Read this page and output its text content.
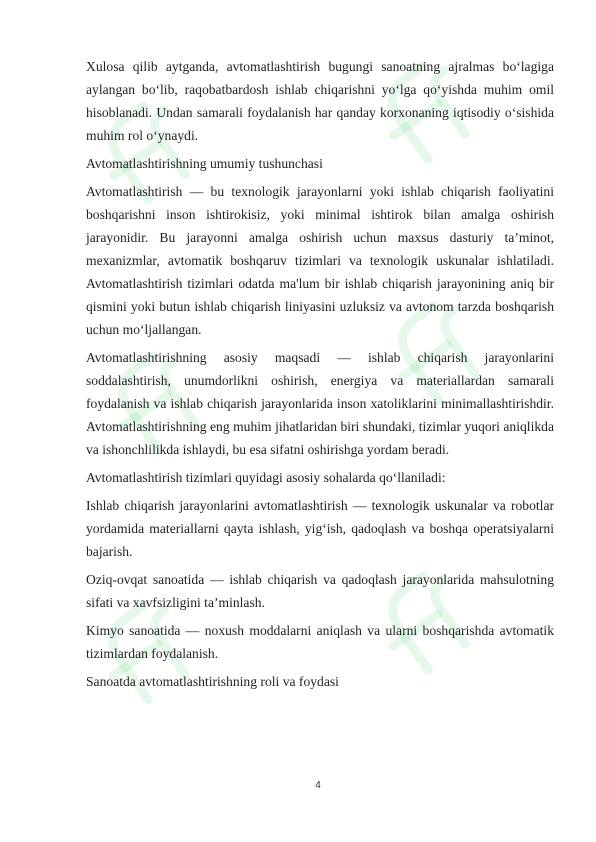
Xulosa qilib aytganda, avtomatlashtirish bugungi sanoatning ajralmas bo‘lagiga aylangan bo‘lib, raqobatbardosh ishlab chiqarishni yo‘lga qo‘yishda muhim omil hisoblanadi. Undan samarali foydalanish har qanday korxonaning iqtisodiy o‘sishida muhim rol o‘ynaydi.

Avtomatlashtirishning umumiy tushunchasi

Avtomatlashtirish — bu texnologik jarayonlarni yoki ishlab chiqarish faoliyatini boshqarishni inson ishtirokisiz, yoki minimal ishtirok bilan amalga oshirish jarayonidir. Bu jarayonni amalga oshirish uchun maxsus dasturiy ta’minot, mexanizmlar, avtomatik boshqaruv tizimlari va texnologik uskunalar ishlatiladi. Avtomatlashtirish tizimlari odatda ma'lum bir ishlab chiqarish jarayonining aniq bir qismini yoki butun ishlab chiqarish liniyasini uzluksiz va avtonom tarzda boshqarish uchun mo‘ljallangan.

Avtomatlashtirishning asosiy maqsadi — ishlab chiqarish jarayonlarini soddalashtirish, unumdorlikni oshirish, energiya va materiallardan samarali foydalanish va ishlab chiqarish jarayonlarida inson xatoliklarini minimallashtirishdir. Avtomatlashtirishning eng muhim jihatlaridan biri shundaki, tizimlar yuqori aniqlikda va ishonchlilikda ishlaydi, bu esa sifatni oshirishga yordam beradi.

Avtomatlashtirish tizimlari quyidagi asosiy sohalarda qo‘llaniladi:

Ishlab chiqarish jarayonlarini avtomatlashtirish — texnologik uskunalar va robotlar yordamida materiallarni qayta ishlash, yig‘ish, qadoqlash va boshqa operatsiyalarni bajarish.

Oziq-ovqat sanoatida — ishlab chiqarish va qadoqlash jarayonlarida mahsulotning sifati va xavfsizligini ta’minlash.

Kimyo sanoatida — noxush moddalarni aniqlash va ularni boshqarishda avtomatik tizimlardan foydalanish.

Sanoatda avtomatlashtirishning roli va foydasi

4
